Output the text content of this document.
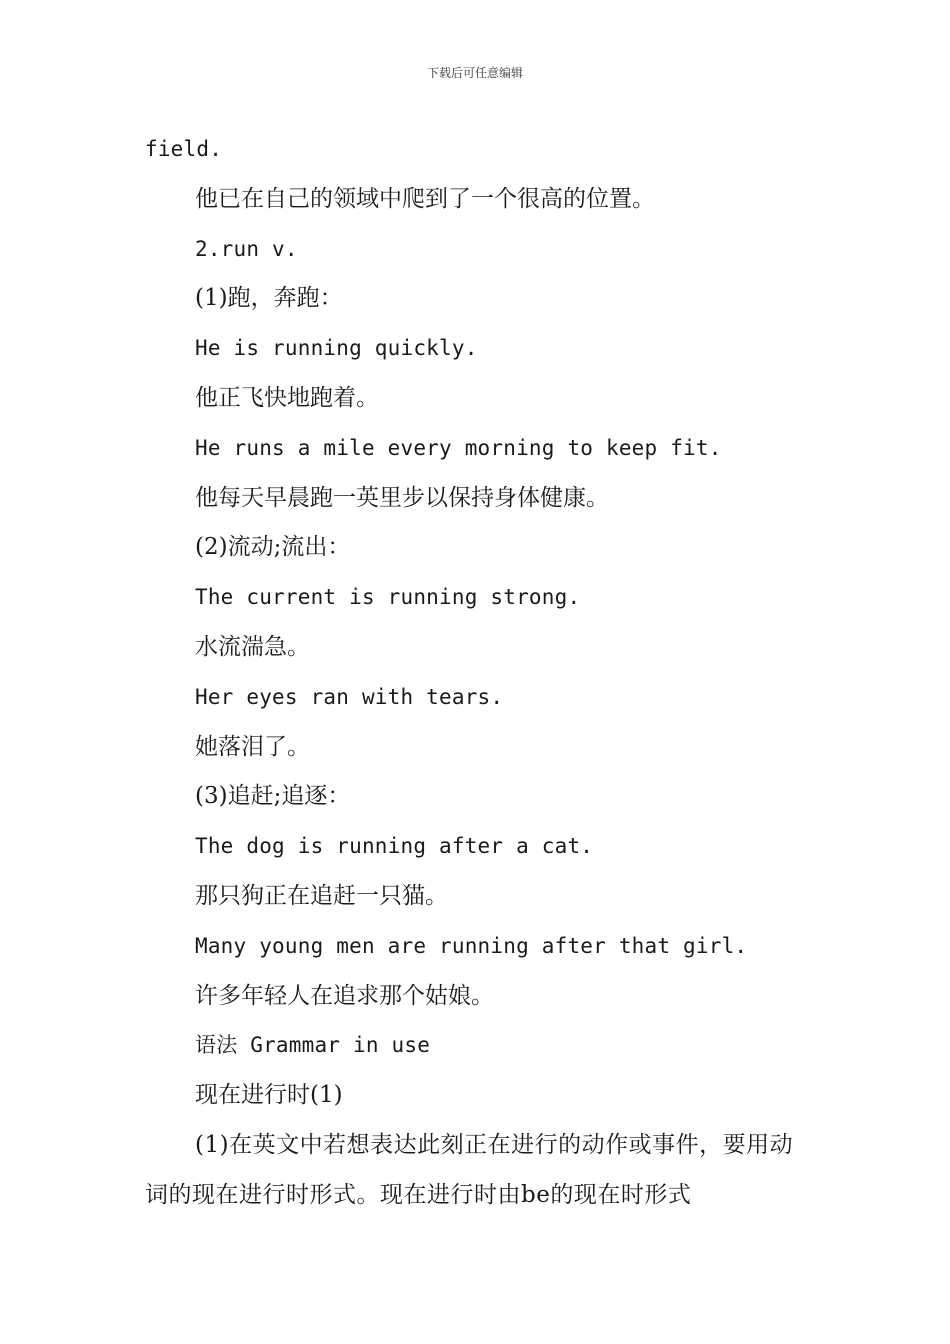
下载后可任意编辑
field.
他已在自己的领域中爬到了一个很高的位置。
2.run v.
(1)跑，奔跑：
He is running quickly.
他正飞快地跑着。
He runs a mile every morning to keep fit.
他每天早晨跑一英里步以保持身体健康。
(2)流动;流出：
The current is running strong.
水流湍急。
Her eyes ran with tears.
她落泪了。
(3)追赶;追逐：
The dog is running after a cat.
那只狗正在追赶一只猫。
Many young men are running after that girl.
许多年轻人在追求那个姑娘。
语法 Grammar in use
现在进行时(1)
(1)在英文中若想表达此刻正在进行的动作或事件，要用动词的现在进行时形式。现在进行时由be的现在时形式
